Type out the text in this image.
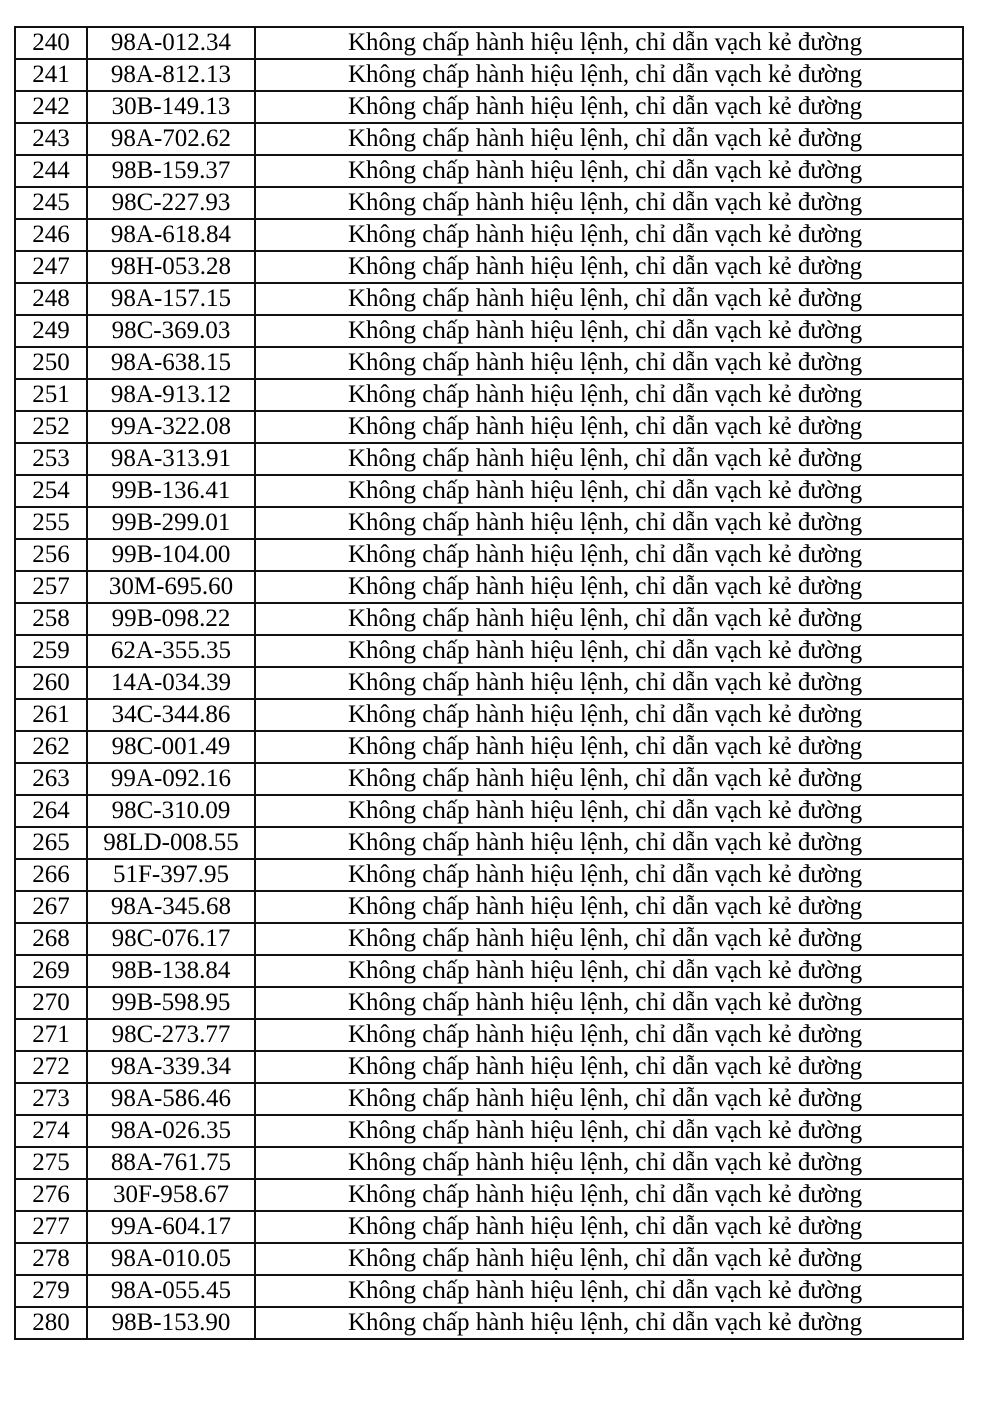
240	98A-012.34	Không chấp hành hiệu lệnh, chỉ dẫn vạch kẻ đường
241	98A-812.13	Không chấp hành hiệu lệnh, chỉ dẫn vạch kẻ đường
242	30B-149.13	Không chấp hành hiệu lệnh, chỉ dẫn vạch kẻ đường
243	98A-702.62	Không chấp hành hiệu lệnh, chỉ dẫn vạch kẻ đường
244	98B-159.37	Không chấp hành hiệu lệnh, chỉ dẫn vạch kẻ đường
245	98C-227.93	Không chấp hành hiệu lệnh, chỉ dẫn vạch kẻ đường
246	98A-618.84	Không chấp hành hiệu lệnh, chỉ dẫn vạch kẻ đường
247	98H-053.28	Không chấp hành hiệu lệnh, chỉ dẫn vạch kẻ đường
248	98A-157.15	Không chấp hành hiệu lệnh, chỉ dẫn vạch kẻ đường
249	98C-369.03	Không chấp hành hiệu lệnh, chỉ dẫn vạch kẻ đường
250	98A-638.15	Không chấp hành hiệu lệnh, chỉ dẫn vạch kẻ đường
251	98A-913.12	Không chấp hành hiệu lệnh, chỉ dẫn vạch kẻ đường
252	99A-322.08	Không chấp hành hiệu lệnh, chỉ dẫn vạch kẻ đường
253	98A-313.91	Không chấp hành hiệu lệnh, chỉ dẫn vạch kẻ đường
254	99B-136.41	Không chấp hành hiệu lệnh, chỉ dẫn vạch kẻ đường
255	99B-299.01	Không chấp hành hiệu lệnh, chỉ dẫn vạch kẻ đường
256	99B-104.00	Không chấp hành hiệu lệnh, chỉ dẫn vạch kẻ đường
257	30M-695.60	Không chấp hành hiệu lệnh, chỉ dẫn vạch kẻ đường
258	99B-098.22	Không chấp hành hiệu lệnh, chỉ dẫn vạch kẻ đường
259	62A-355.35	Không chấp hành hiệu lệnh, chỉ dẫn vạch kẻ đường
260	14A-034.39	Không chấp hành hiệu lệnh, chỉ dẫn vạch kẻ đường
261	34C-344.86	Không chấp hành hiệu lệnh, chỉ dẫn vạch kẻ đường
262	98C-001.49	Không chấp hành hiệu lệnh, chỉ dẫn vạch kẻ đường
263	99A-092.16	Không chấp hành hiệu lệnh, chỉ dẫn vạch kẻ đường
264	98C-310.09	Không chấp hành hiệu lệnh, chỉ dẫn vạch kẻ đường
265	98LD-008.55	Không chấp hành hiệu lệnh, chỉ dẫn vạch kẻ đường
266	51F-397.95	Không chấp hành hiệu lệnh, chỉ dẫn vạch kẻ đường
267	98A-345.68	Không chấp hành hiệu lệnh, chỉ dẫn vạch kẻ đường
268	98C-076.17	Không chấp hành hiệu lệnh, chỉ dẫn vạch kẻ đường
269	98B-138.84	Không chấp hành hiệu lệnh, chỉ dẫn vạch kẻ đường
270	99B-598.95	Không chấp hành hiệu lệnh, chỉ dẫn vạch kẻ đường
271	98C-273.77	Không chấp hành hiệu lệnh, chỉ dẫn vạch kẻ đường
272	98A-339.34	Không chấp hành hiệu lệnh, chỉ dẫn vạch kẻ đường
273	98A-586.46	Không chấp hành hiệu lệnh, chỉ dẫn vạch kẻ đường
274	98A-026.35	Không chấp hành hiệu lệnh, chỉ dẫn vạch kẻ đường
275	88A-761.75	Không chấp hành hiệu lệnh, chỉ dẫn vạch kẻ đường
276	30F-958.67	Không chấp hành hiệu lệnh, chỉ dẫn vạch kẻ đường
277	99A-604.17	Không chấp hành hiệu lệnh, chỉ dẫn vạch kẻ đường
278	98A-010.05	Không chấp hành hiệu lệnh, chỉ dẫn vạch kẻ đường
279	98A-055.45	Không chấp hành hiệu lệnh, chỉ dẫn vạch kẻ đường
280	98B-153.90	Không chấp hành hiệu lệnh, chỉ dẫn vạch kẻ đường
